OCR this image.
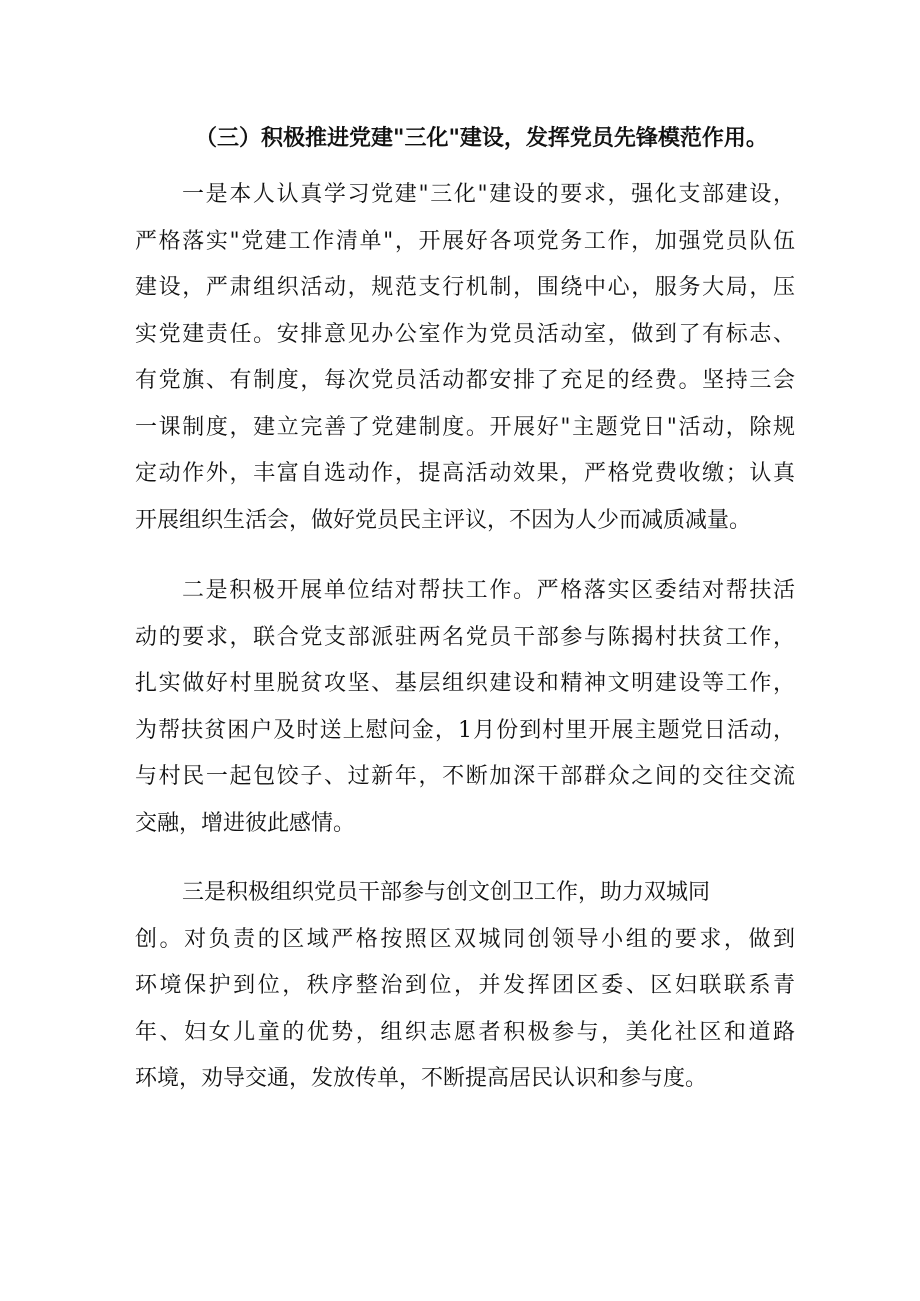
（三）积极推进党建"三化"建设，发挥党员先锋模范作用。
一是本人认真学习党建"三化"建设的要求，强化支部建设，
严格落实"党建工作清单"，开展好各项党务工作，加强党员队伍
建设，严肃组织活动，规范支行机制，围绕中心，服务大局，压
实党建责任。安排意见办公室作为党员活动室，做到了有标志、
有党旗、有制度，每次党员活动都安排了充足的经费。坚持三会
一课制度，建立完善了党建制度。开展好"主题党日"活动，除规
定动作外，丰富自选动作，提高活动效果，严格党费收缴；认真
开展组织生活会，做好党员民主评议，不因为人少而减质减量。
二是积极开展单位结对帮扶工作。严格落实区委结对帮扶活
动的要求，联合党支部派驻两名党员干部参与陈揭村扶贫工作，
扎实做好村里脱贫攻坚、基层组织建设和精神文明建设等工作，
为帮扶贫困户及时送上慰问金，1月份到村里开展主题党日活动，
与村民一起包饺子、过新年，不断加深干部群众之间的交往交流
交融，增进彼此感情。
三是积极组织党员干部参与创文创卫工作，助力双城同
创。对负责的区域严格按照区双城同创领导小组的要求，做到
环境保护到位，秩序整治到位，并发挥团区委、区妇联联系青
年、妇女儿童的优势，组织志愿者积极参与，美化社区和道路
环境，劝导交通，发放传单，不断提高居民认识和参与度。
